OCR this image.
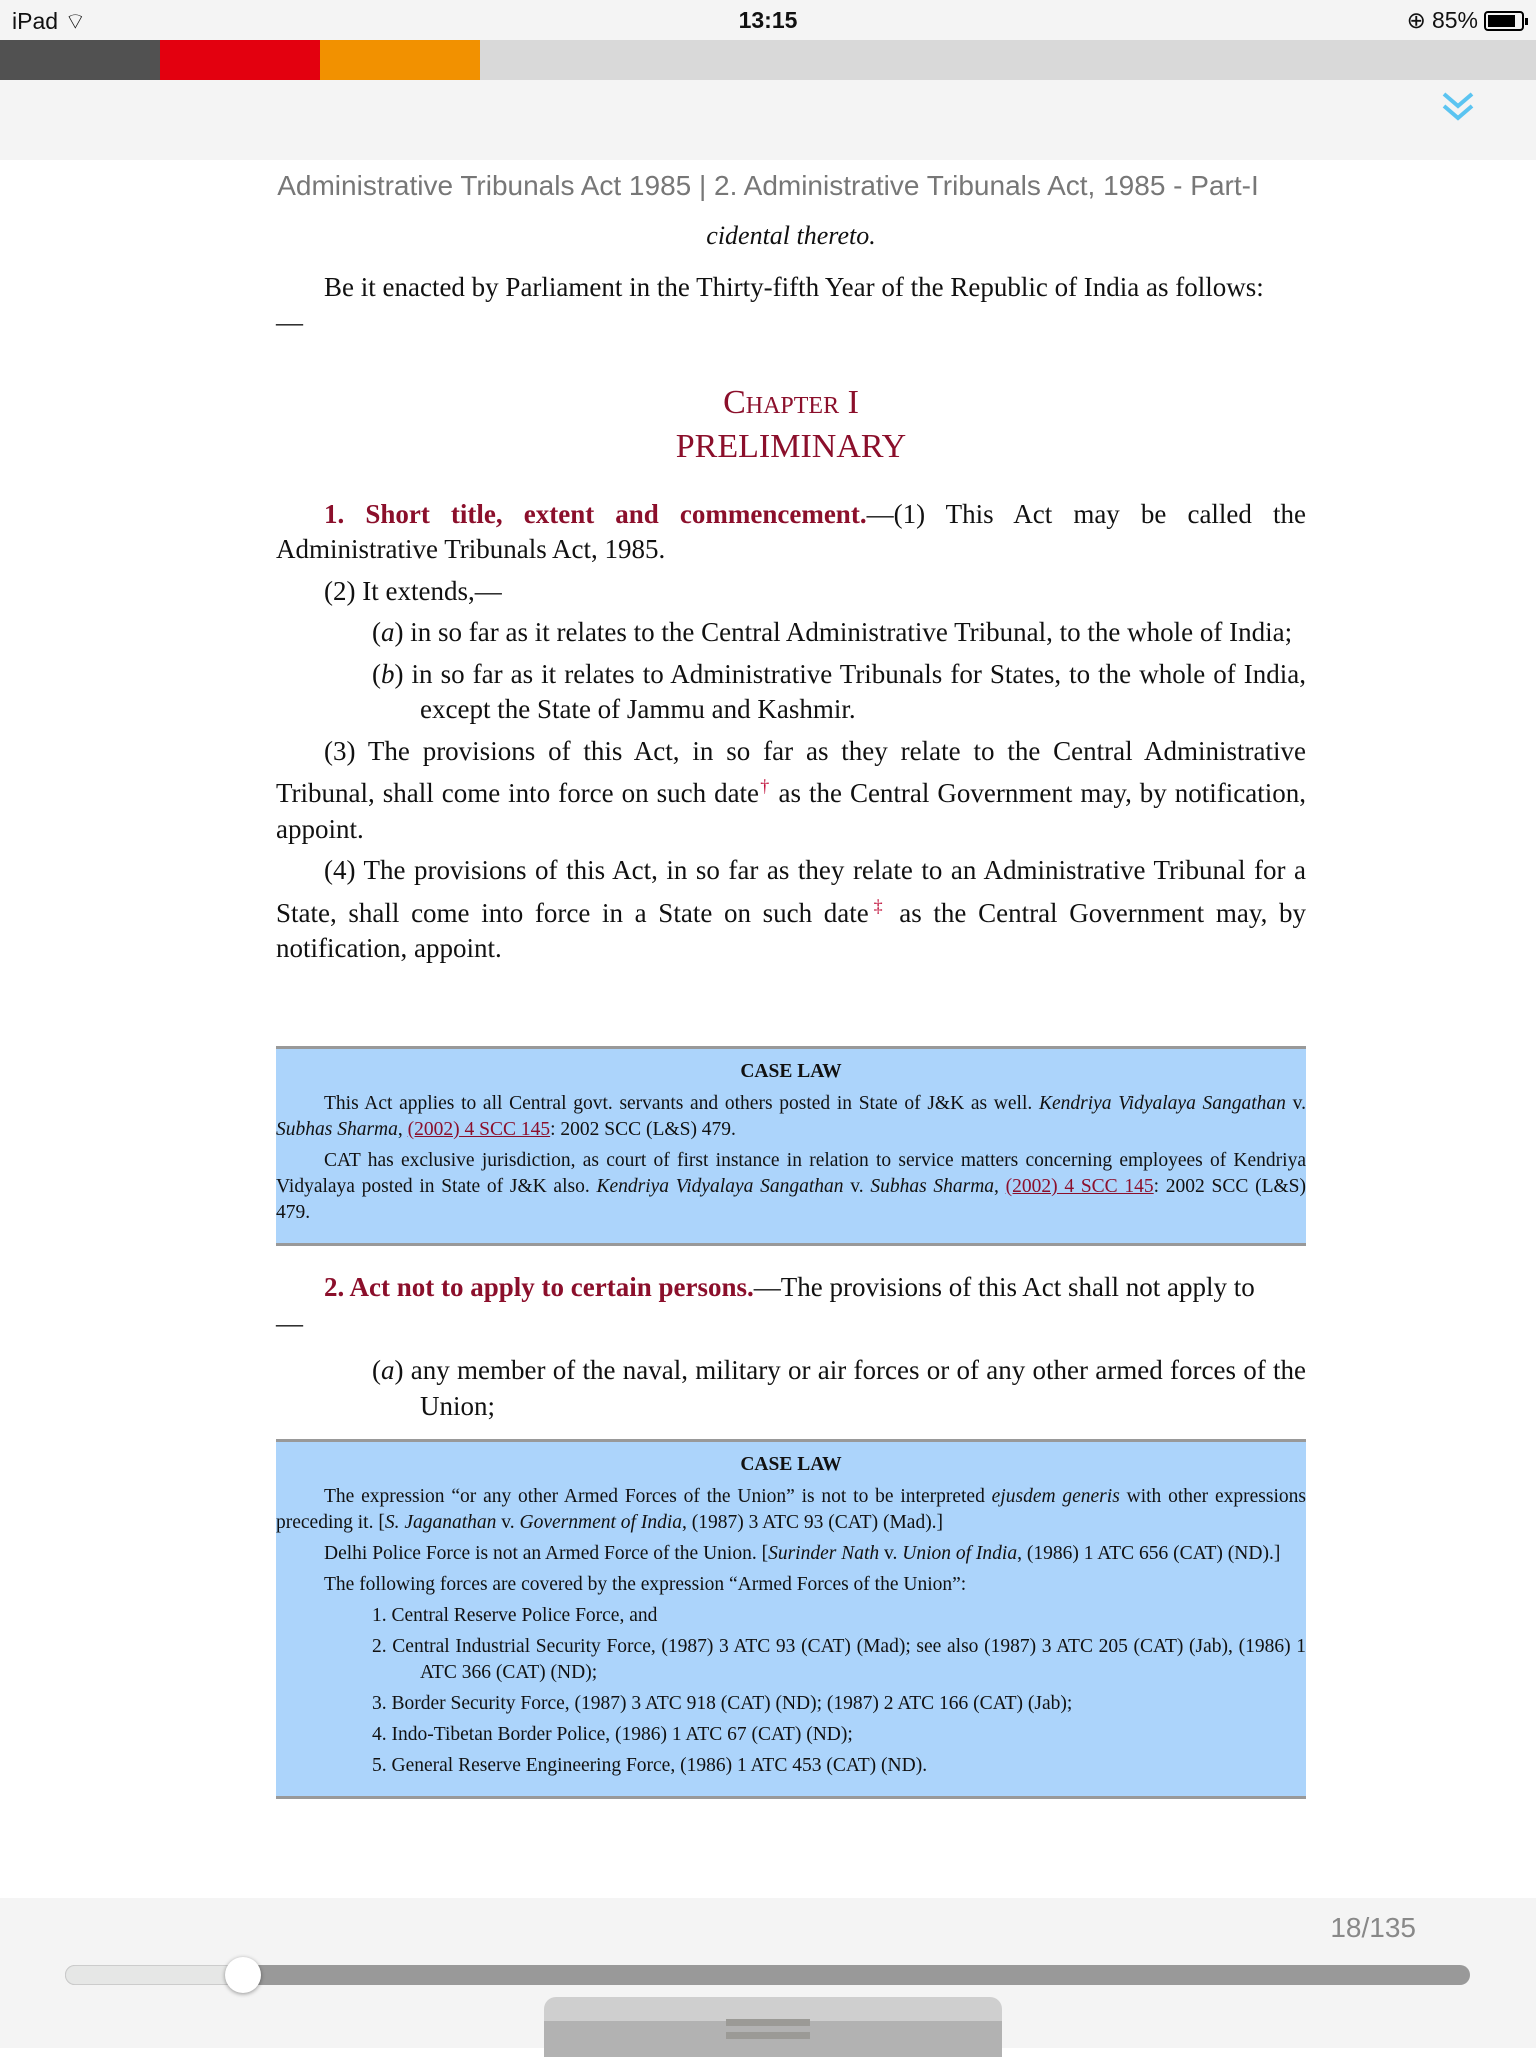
iPad ⌔	13:15	⊕ 85%
Administrative Tribunals Act 1985 | 2. Administrative Tribunals Act, 1985 - Part-I

cidental thereto.

Be it enacted by Parliament in the Thirty-fifth Year of the Republic of India as follows:

—

Chapter I
PRELIMINARY

1. Short title, extent and commencement.—(1) This Act may be called the Administrative Tribunals Act, 1985.

(2) It extends,—

(a) in so far as it relates to the Central Administrative Tribunal, to the whole of India;

(b) in so far as it relates to Administrative Tribunals for States, to the whole of India, except the State of Jammu and Kashmir.

(3) The provisions of this Act, in so far as they relate to the Central Administrative Tribunal, shall come into force on such date† as the Central Government may, by notification, appoint.

(4) The provisions of this Act, in so far as they relate to an Administrative Tribunal for a State, shall come into force in a State on such date‡ as the Central Government may, by notification, appoint.

CASE LAW

This Act applies to all Central govt. servants and others posted in State of J&K as well. Kendriya Vidyalaya Sangathan v. Subhas Sharma, (2002) 4 SCC 145: 2002 SCC (L&S) 479.

CAT has exclusive jurisdiction, as court of first instance in relation to service matters concerning employees of Kendriya Vidyalaya posted in State of J&K also. Kendriya Vidyalaya Sangathan v. Subhas Sharma, (2002) 4 SCC 145: 2002 SCC (L&S) 479.

2. Act not to apply to certain persons.—The provisions of this Act shall not apply to

—

(a) any member of the naval, military or air forces or of any other armed forces of the Union;

CASE LAW

The expression “or any other Armed Forces of the Union” is not to be interpreted ejusdem generis with other expressions preceding it. [S. Jaganathan v. Government of India, (1987) 3 ATC 93 (CAT) (Mad).]

Delhi Police Force is not an Armed Force of the Union. [Surinder Nath v. Union of India, (1986) 1 ATC 656 (CAT) (ND).]

The following forces are covered by the expression “Armed Forces of the Union”:

1. Central Reserve Police Force, and

2. Central Industrial Security Force, (1987) 3 ATC 93 (CAT) (Mad); see also (1987) 3 ATC 205 (CAT) (Jab), (1986) 1 ATC 366 (CAT) (ND);

3. Border Security Force, (1987) 3 ATC 918 (CAT) (ND); (1987) 2 ATC 166 (CAT) (Jab);

4. Indo-Tibetan Border Police, (1986) 1 ATC 67 (CAT) (ND);

5. General Reserve Engineering Force, (1986) 1 ATC 453 (CAT) (ND).

18/135
